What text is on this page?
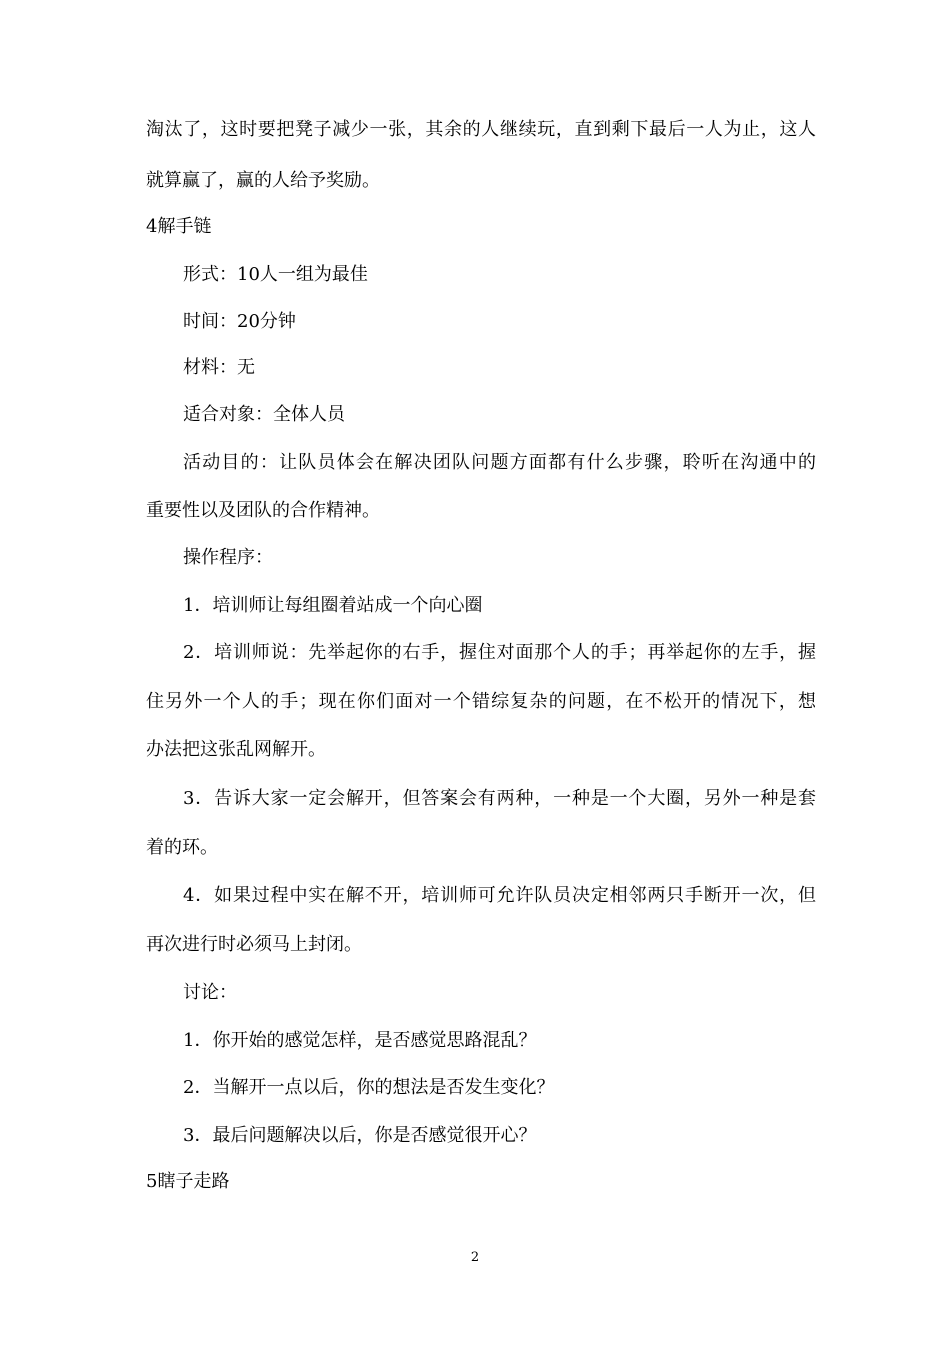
淘汰了，这时要把凳子减少一张，其余的人继续玩，直到剩下最后一人为止，这人
就算赢了，赢的人给予奖励。
4解手链
形式：10人一组为最佳
时间：20分钟
材料：无
适合对象：全体人员
活动目的：让队员体会在解决团队问题方面都有什么步骤，聆听在沟通中的
重要性以及团队的合作精神。
操作程序：
1．培训师让每组圈着站成一个向心圈
2．培训师说：先举起你的右手，握住对面那个人的手；再举起你的左手，握
住另外一个人的手；现在你们面对一个错综复杂的问题，在不松开的情况下，想
办法把这张乱网解开。
3．告诉大家一定会解开，但答案会有两种，一种是一个大圈，另外一种是套
着的环。
4．如果过程中实在解不开，培训师可允许队员决定相邻两只手断开一次，但
再次进行时必须马上封闭。
讨论：
1．你开始的感觉怎样，是否感觉思路混乱？
2．当解开一点以后，你的想法是否发生变化？
3．最后问题解决以后，你是否感觉很开心？
5瞎子走路
2
